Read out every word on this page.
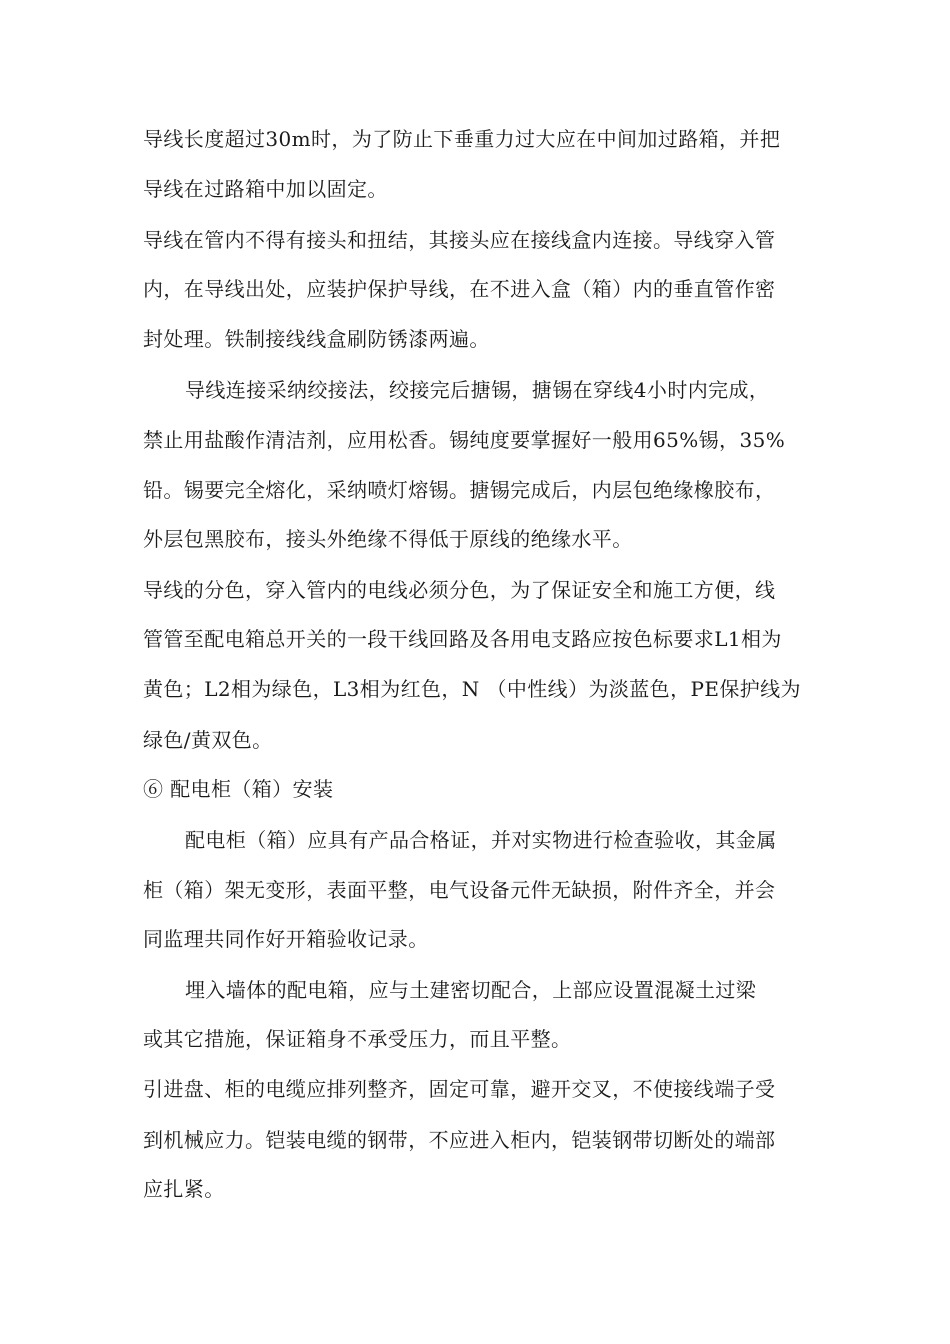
导线长度超过30m时，为了防止下垂重力过大应在中间加过路箱，并把
导线在过路箱中加以固定。
导线在管内不得有接头和扭结，其接头应在接线盒内连接。导线穿入管
内，在导线出处，应装护保护导线，在不进入盒（箱）内的垂直管作密
封处理。铁制接线线盒刷防锈漆两遍。
导线连接采纳绞接法，绞接完后搪锡，搪锡在穿线4小时内完成，
禁止用盐酸作清洁剂，应用松香。锡纯度要掌握好一般用65%锡，35%
铅。锡要完全熔化，采纳喷灯熔锡。搪锡完成后，内层包绝缘橡胶布，
外层包黑胶布，接头外绝缘不得低于原线的绝缘水平。
导线的分色，穿入管内的电线必须分色，为了保证安全和施工方便，线
管管至配电箱总开关的一段干线回路及各用电支路应按色标要求L1相为
黄色；L2相为绿色，L3相为红色，N （中性线）为淡蓝色，PE保护线为
绿色/黄双色。
⑥ 配电柜（箱）安装
配电柜（箱）应具有产品合格证，并对实物进行检查验收，其金属
柜（箱）架无变形，表面平整，电气设备元件无缺损，附件齐全，并会
同监理共同作好开箱验收记录。
埋入墙体的配电箱，应与土建密切配合，上部应设置混凝土过梁
或其它措施，保证箱身不承受压力，而且平整。
引进盘、柜的电缆应排列整齐，固定可靠，避开交叉，不使接线端子受
到机械应力。铠装电缆的钢带，不应进入柜内，铠装钢带切断处的端部
应扎紧。
